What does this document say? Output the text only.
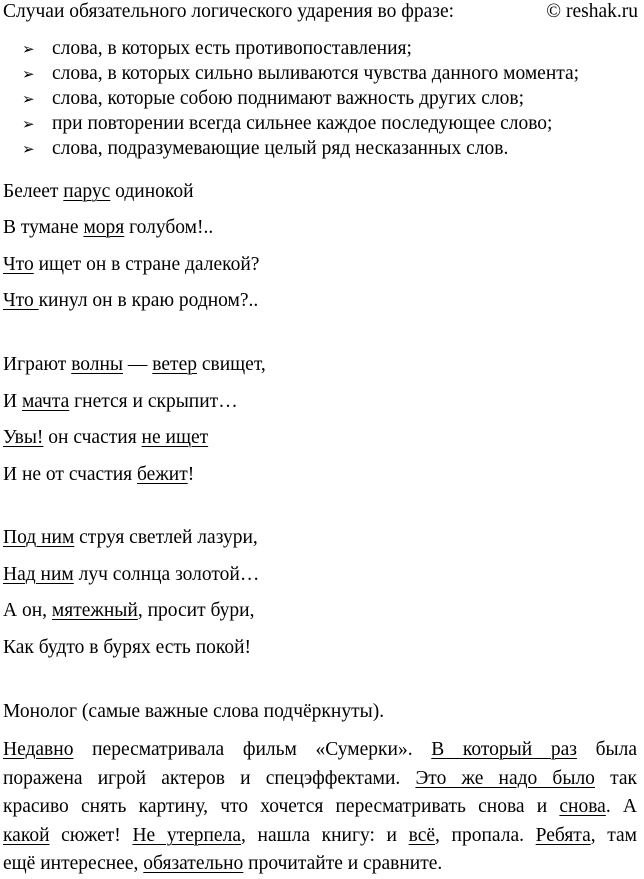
Случаи обязательного логического ударения во фразе:	© reshak.ru
➢ слова, в которых есть противопоставления;
➢ слова, в которых сильно выливаются чувства данного момента;
➢ слова, которые собою поднимают важность других слов;
➢ при повторении всегда сильнее каждое последующее слово;
➢ слова, подразумевающие целый ряд несказанных слов.
Белеет парус одинокой
В тумане моря голубом!..
Что ищет он в стране далекой?
Что кинул он в краю родном?..
Играют волны — ветер свищет,
И мачта гнется и скрыпит…
Увы! он счастия не ищет
И не от счастия бежит!
Под ним струя светлей лазури,
Над ним луч солнца золотой…
А он, мятежный, просит бури,
Как будто в бурях есть покой!
Монолог (самые важные слова подчёркнуты).
Недавно пересматривала фильм «Сумерки». В который раз была
поражена игрой актеров и спецэффектами. Это же надо было так
красиво снять картину, что хочется пересматривать снова и снова. А
какой сюжет! Не утерпела, нашла книгу: и всё, пропала. Ребята, там
ещё интереснее, обязательно прочитайте и сравните.
